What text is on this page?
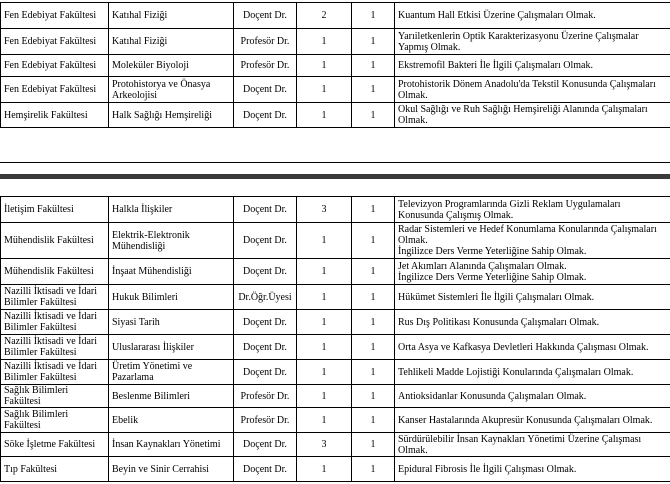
Fen Edebiyat Fakültesi	Katıhal Fiziği	Doçent Dr.	2	1	Kuantum Hall Etkisi Üzerine Çalışmaları Olmak.
Fen Edebiyat Fakültesi	Katıhal Fiziği	Profesör Dr.	1	1	Yarıiletkenlerin Optik Karakterizasyonu Üzerine Çalışmalar Yapmış Olmak.
Fen Edebiyat Fakültesi	Moleküler Biyoloji	Profesör Dr.	1	1	Ekstremofil Bakteri İle İlgili Çalışmaları Olmak.
Fen Edebiyat Fakültesi	Protohistorya ve Önasya Arkeolojisi	Doçent Dr.	1	1	Protohistorik Dönem Anadolu'da Tekstil Konusunda Çalışmaları Olmak.
Hemşirelik Fakültesi	Halk Sağlığı Hemşireliği	Doçent Dr.	1	1	Okul Sağlığı ve Ruh Sağlığı Hemşireliği Alanında Çalışmaları Olmak.
İletişim Fakültesi	Halkla İlişkiler	Doçent Dr.	3	1	Televizyon Programlarında Gizli Reklam Uygulamaları Konusunda Çalışmış Olmak.
Mühendislik Fakültesi	Elektrik-Elektronik Mühendisliği	Doçent Dr.	1	1	Radar Sistemleri ve Hedef Konumlama Konularında Çalışmaları Olmak.
İngilizce Ders Verme Yeterliğine Sahip Olmak.
Mühendislik Fakültesi	İnşaat Mühendisliği	Doçent Dr.	1	1	Jet Akımları Alanında Çalışmaları Olmak.
İngilizce Ders Verme Yeterliğine Sahip Olmak.
Nazilli İktisadi ve İdari Bilimler Fakültesi	Hukuk Bilimleri	Dr.Öğr.Üyesi	1	1	Hükümet Sistemleri İle İlgili Çalışmaları Olmak.
Nazilli İktisadi ve İdari Bilimler Fakültesi	Siyasi Tarih	Doçent Dr.	1	1	Rus Dış Politikası Konusunda Çalışmaları Olmak.
Nazilli İktisadi ve İdari Bilimler Fakültesi	Uluslararası İlişkiler	Doçent Dr.	1	1	Orta Asya ve Kafkasya Devletleri Hakkında Çalışması Olmak.
Nazilli İktisadi ve İdari Bilimler Fakültesi	Üretim Yönetimi ve Pazarlama	Doçent Dr.	1	1	Tehlikeli Madde Lojistiği Konularında Çalışmaları Olmak.
Sağlık Bilimleri Fakültesi	Beslenme Bilimleri	Profesör Dr.	1	1	Antioksidanlar Konusunda Çalışmaları Olmak.
Sağlık Bilimleri Fakültesi	Ebelik	Profesör Dr.	1	1	Kanser Hastalarında Akupresür Konusunda Çalışmaları Olmak.
Söke İşletme Fakültesi	İnsan Kaynakları Yönetimi	Doçent Dr.	3	1	Sürdürülebilir İnsan Kaynakları Yönetimi Üzerine Çalışması Olmak.
Tıp Fakültesi	Beyin ve Sinir Cerrahisi	Doçent Dr.	1	1	Epidural Fibrosis İle İlgili Çalışması Olmak.
